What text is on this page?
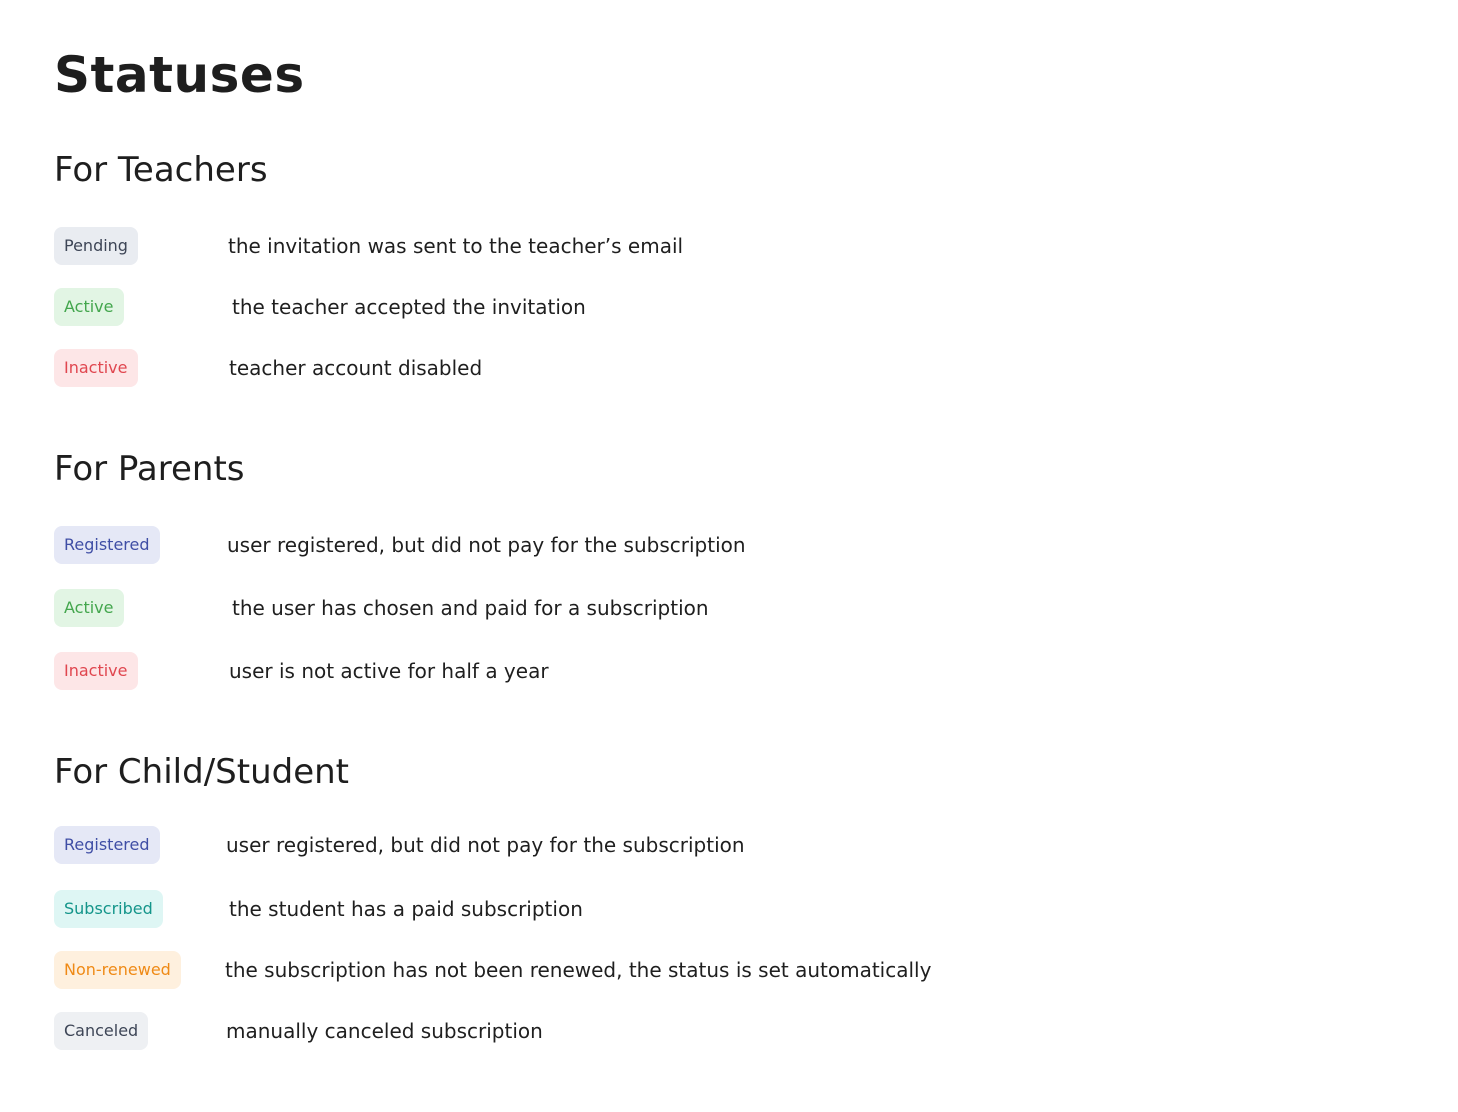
Statuses
For Teachers
Pending	the invitation was sent to the teacher’s email
Active	the teacher accepted the invitation
Inactive	teacher account disabled
For Parents
Registered	user registered, but did not pay for the subscription
Active	the user has chosen and paid for a subscription
Inactive	user is not active for half a year
For Child/Student
Registered	user registered, but did not pay for the subscription
Subscribed	the student has a paid subscription
Non-renewed	the subscription has not been renewed, the status is set automatically
Canceled	manually canceled subscription
